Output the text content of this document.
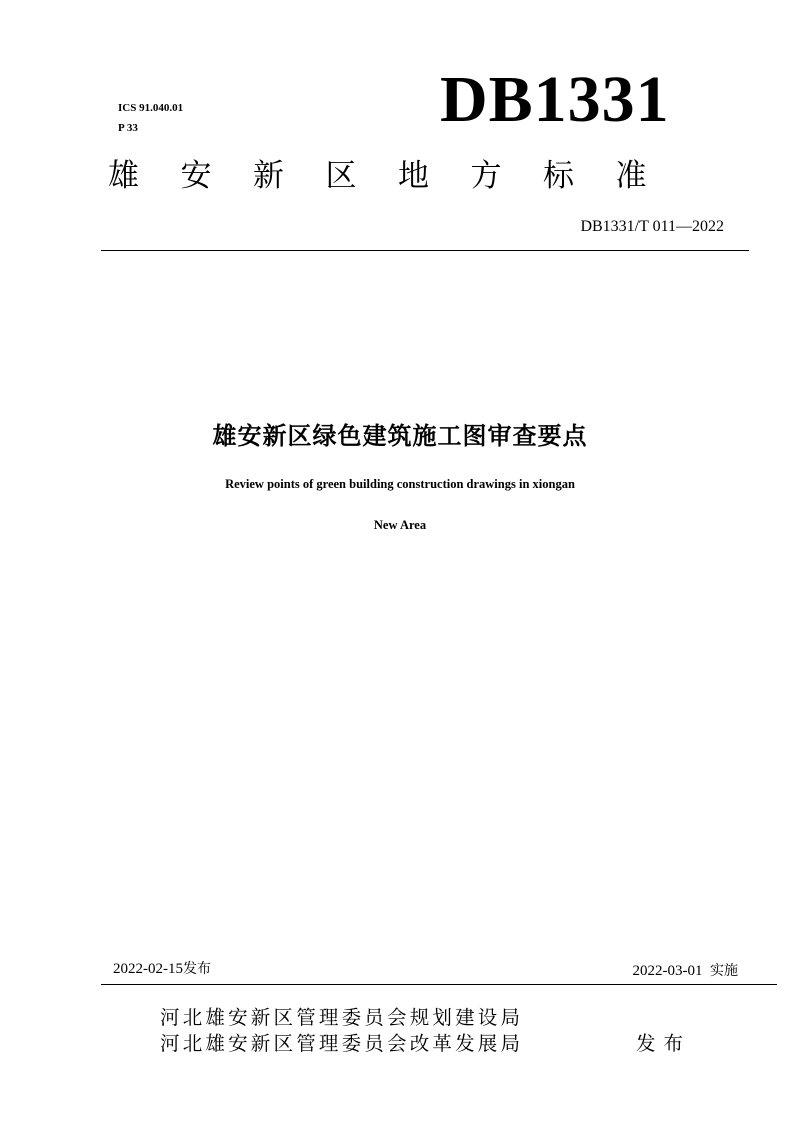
ICS 91.040.01
P 33	DB1331
雄安新区地方标准
DB1331/T 011—2022
雄安新区绿色建筑施工图审查要点
Review points of green building construction drawings in xiongan
New Area
2022-02-15发布	2022-03-01 实施
河北雄安新区管理委员会规划建设局
河北雄安新区管理委员会改革发展局	发布
